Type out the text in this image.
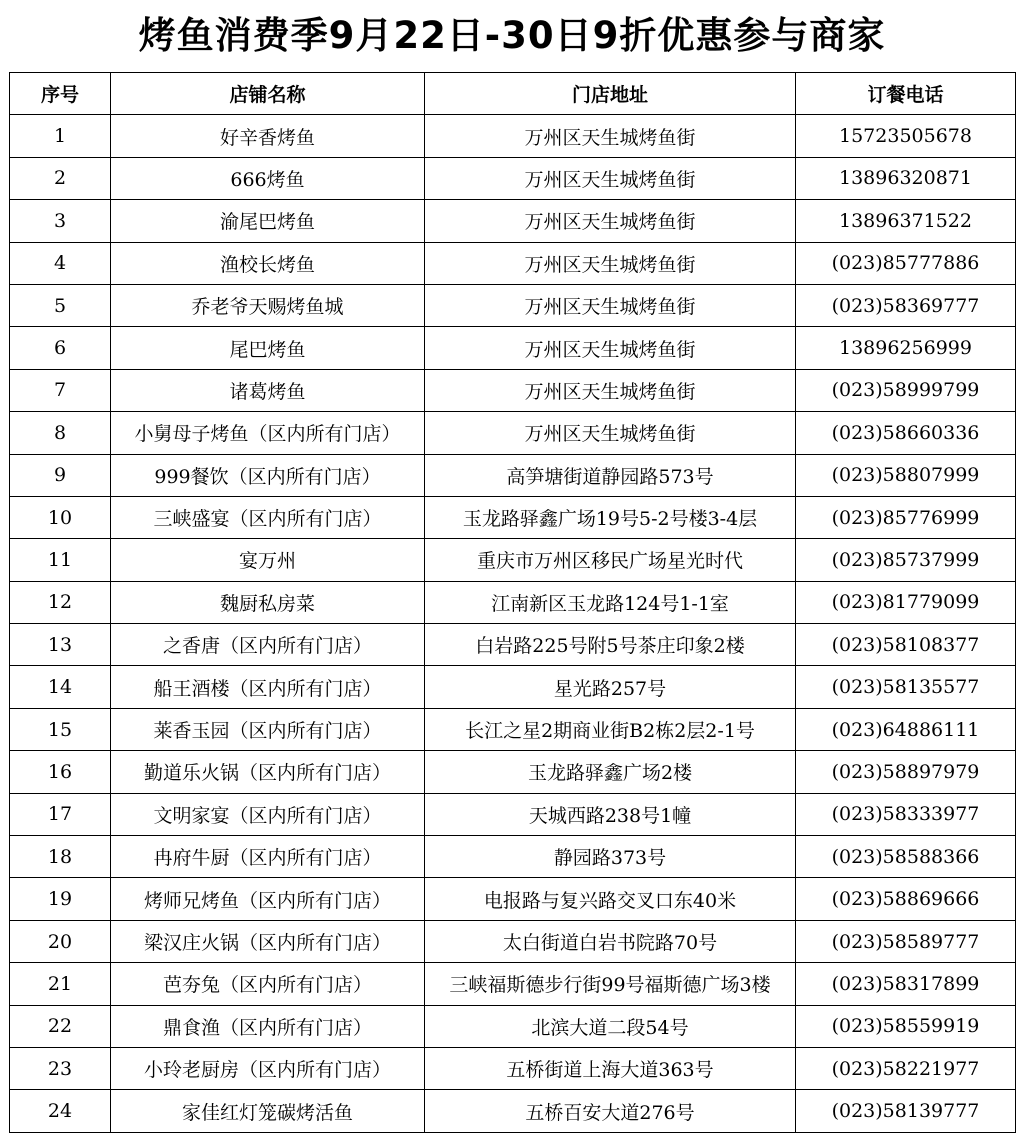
烤鱼消费季9月22日-30日9折优惠参与商家
序号	店铺名称	门店地址	订餐电话
1	好辛香烤鱼	万州区天生城烤鱼街	15723505678
2	666烤鱼	万州区天生城烤鱼街	13896320871
3	渝尾巴烤鱼	万州区天生城烤鱼街	13896371522
4	渔校长烤鱼	万州区天生城烤鱼街	(023)85777886
5	乔老爷天赐烤鱼城	万州区天生城烤鱼街	(023)58369777
6	尾巴烤鱼	万州区天生城烤鱼街	13896256999
7	诸葛烤鱼	万州区天生城烤鱼街	(023)58999799
8	小舅母子烤鱼（区内所有门店）	万州区天生城烤鱼街	(023)58660336
9	999餐饮（区内所有门店）	高笋塘街道静园路573号	(023)58807999
10	三峡盛宴（区内所有门店）	玉龙路驿鑫广场19号5-2号楼3-4层	(023)85776999
11	宴万州	重庆市万州区移民广场星光时代	(023)85737999
12	魏厨私房菜	江南新区玉龙路124号1-1室	(023)81779099
13	之香唐（区内所有门店）	白岩路225号附5号茶庄印象2楼	(023)58108377
14	船王酒楼（区内所有门店）	星光路257号	(023)58135577
15	莱香玉园（区内所有门店）	长江之星2期商业街B2栋2层2-1号	(023)64886111
16	勤道乐火锅（区内所有门店）	玉龙路驿鑫广场2楼	(023)58897979
17	文明家宴（区内所有门店）	天城西路238号1幢	(023)58333977
18	冉府牛厨（区内所有门店）	静园路373号	(023)58588366
19	烤师兄烤鱼（区内所有门店）	电报路与复兴路交叉口东40米	(023)58869666
20	梁汉庄火锅（区内所有门店）	太白街道白岩书院路70号	(023)58589777
21	芭夯兔（区内所有门店）	三峡福斯德步行街99号福斯德广场3楼	(023)58317899
22	鼎食渔（区内所有门店）	北滨大道二段54号	(023)58559919
23	小玲老厨房（区内所有门店）	五桥街道上海大道363号	(023)58221977
24	家佳红灯笼碳烤活鱼	五桥百安大道276号	(023)58139777
